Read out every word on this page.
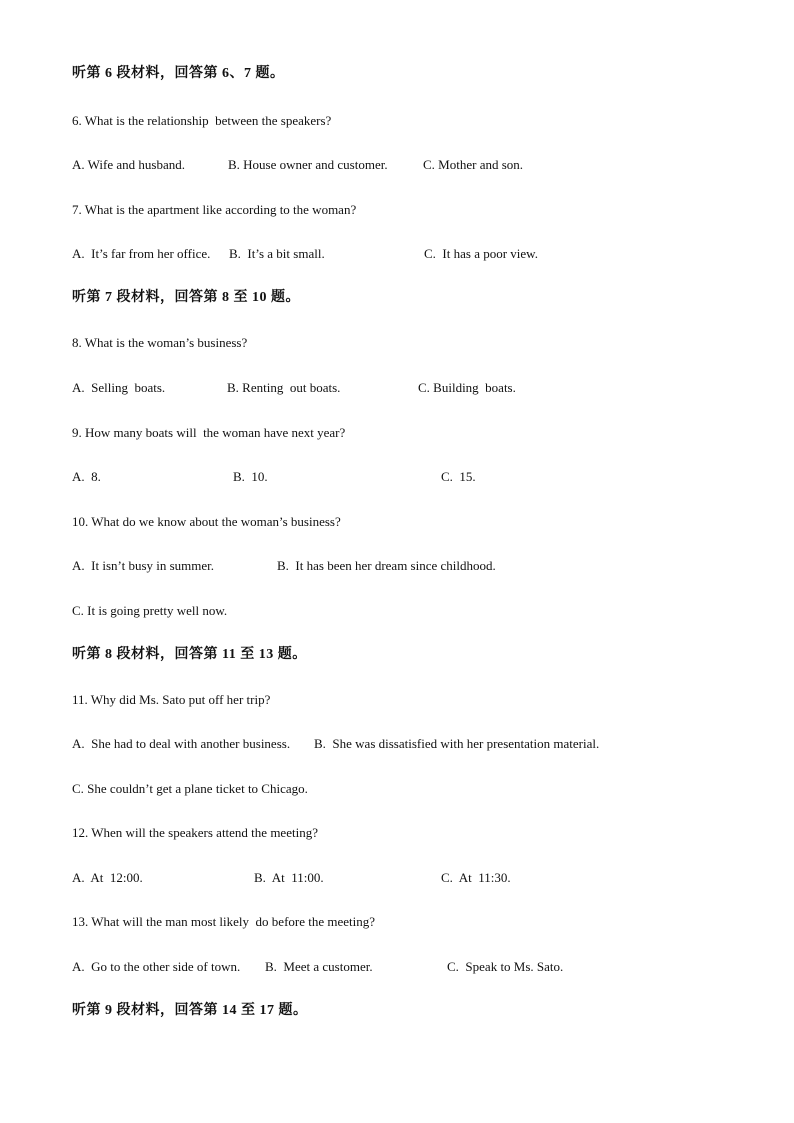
听第 6 段材料，回答第 6、7 题。
6. What is the relationship  between the speakers?
A. Wife and husband.	B. House owner and customer.	C. Mother and son.
7. What is the apartment like according to the woman?
A.  It’s far from her office. B.  It’s a bit small.	C.  It has a poor view.
听第 7 段材料，回答第 8 至 10 题。
8. What is the woman’s business?
A.  Selling  boats.	B. Renting  out boats.	C. Building  boats.
9. How many boats will  the woman have next year?
A.  8.	B.  10.	C.  15.
10. What do we know about the woman’s business?
A.  It isn’t busy in summer.	B.  It has been her dream since childhood.
C. It is going pretty well now.
听第 8 段材料，回答第 11 至 13 题。
11. Why did Ms. Sato put off her trip?
A.  She had to deal with another business. B.  She was dissatisfied with her presentation material.
C. She couldn’t get a plane ticket to Chicago.
12. When will the speakers attend the meeting?
A.  At  12:00.	B.  At  11:00.	C.  At  11:30.
13. What will the man most likely  do before the meeting?
A.  Go to the other side of town. B.  Meet a customer.	C.  Speak to Ms. Sato.
听第 9 段材料，回答第 14 至 17 题。
